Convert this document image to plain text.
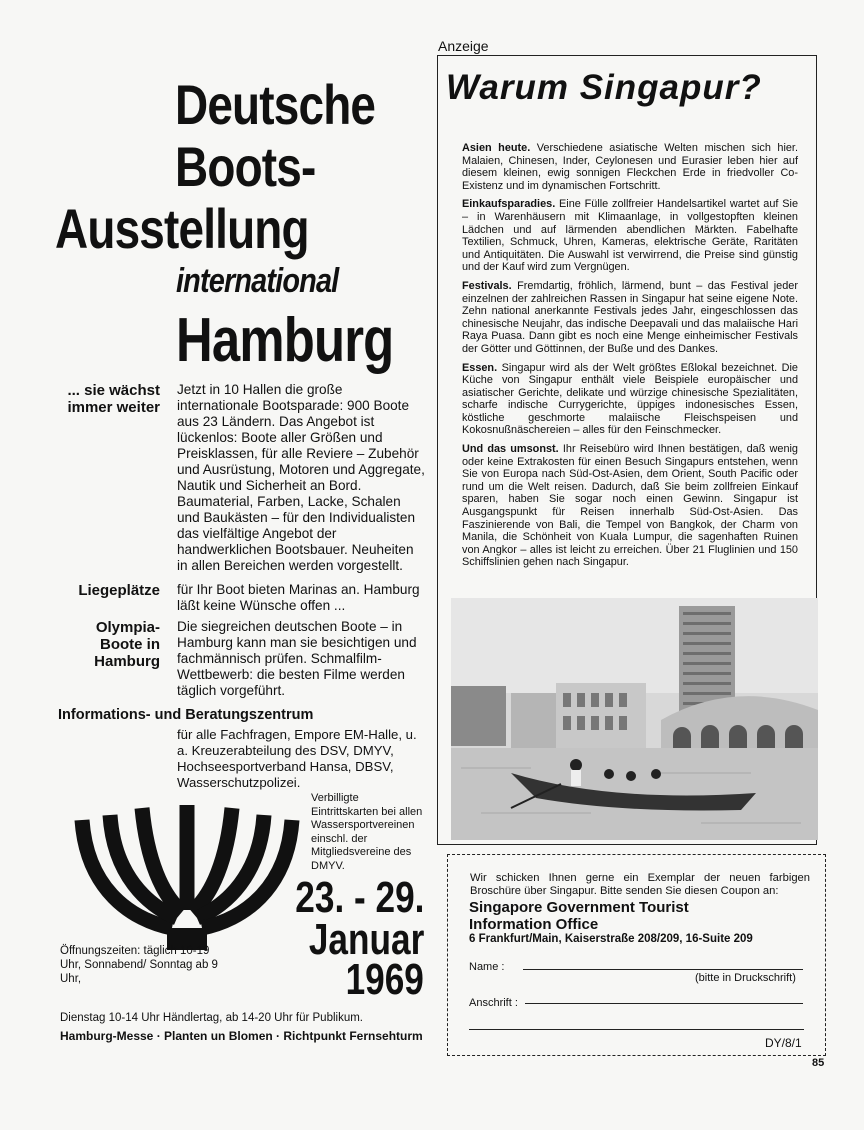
Deutsche
Boots-
Ausstellung
international
Hamburg
... sie wächst immer weiter

Jetzt in 10 Hallen die große internationale Bootsparade: 900 Boote aus 23 Ländern. Das Angebot ist lückenlos: Boote aller Größen und Preisklassen, für alle Reviere – Zubehör und Ausrüstung, Motoren und Aggregate, Nautik und Sicherheit an Bord. Baumaterial, Farben, Lacke, Schalen und Baukästen – für den Individualisten das vielfältige Angebot der handwerklichen Bootsbauer. Neuheiten in allen Bereichen werden vorgestellt.

Liegeplätze für Ihr Boot bieten Marinas an. Hamburg läßt keine Wünsche offen ...

Olympia-Boote in Hamburg

Die siegreichen deutschen Boote – in Hamburg kann man sie besichtigen und fachmännisch prüfen. Schmalfilm-Wettbewerb: die besten Filme werden täglich vorgeführt.

Informations- und Beratungszentrum
für alle Fachfragen, Empore EM-Halle, u. a. Kreuzerabteilung des DSV, DMYV, Hochseesportverband Hansa, DBSV, Wasserschutzpolizei.
Verbilligte Eintrittskarten bei allen Wassersportvereinen einschl. der Mitgliedsvereine des DMYV.
23. - 29.
Januar
1969
Öffnungszeiten: täglich 10-19 Uhr, Sonnabend/ Sonntag ab 9 Uhr,
Dienstag 10-14 Uhr Händlertag, ab 14-20 Uhr für Publikum.
Hamburg-Messe · Planten un Blomen · Richtpunkt Fernsehturm
Anzeige
Warum Singapur?

Asien heute. Verschiedene asiatische Welten mischen sich hier. Malaien, Chinesen, Inder, Ceylonesen und Eurasier leben hier auf diesem kleinen, ewig sonnigen Fleckchen Erde in friedvoller Co-Existenz und im dynamischen Fortschritt.

Einkaufsparadies. Eine Fülle zollfreier Handelsartikel wartet auf Sie – in Warenhäusern mit Klimaanlage, in vollgestopften kleinen Lädchen und auf lärmenden abendlichen Märkten. Fabelhafte Textilien, Schmuck, Uhren, Kameras, elektrische Geräte, Raritäten und Antiquitäten. Die Auswahl ist verwirrend, die Preise sind günstig und der Kauf wird zum Vergnügen.

Festivals. Fremdartig, fröhlich, lärmend, bunt – das Festival jeder einzelnen der zahlreichen Rassen in Singapur hat seine eigene Note. Zehn national anerkannte Festivals jedes Jahr, eingeschlossen das chinesische Neujahr, das indische Deepavali und das malaiische Hari Raya Puasa. Dann gibt es noch eine Menge einheimischer Festivals der Götter und Göttinnen, der Buße und des Dankes.

Essen. Singapur wird als der Welt größtes Eßlokal bezeichnet. Die Küche von Singapur enthält viele Beispiele europäischer und asiatischer Gerichte, delikate und würzige chinesische Spezialitäten, scharfe indische Currygerichte, üppiges indonesisches Essen, köstliche geschmorte malaiische Fleischspeisen und Kokosnußnäschereien – alles für den Feinschmecker.

Und das umsonst. Ihr Reisebüro wird Ihnen bestätigen, daß wenig oder keine Extrakosten für einen Besuch Singapurs entstehen, wenn Sie von Europa nach Süd-Ost-Asien, dem Orient, South Pacific oder rund um die Welt reisen. Dadurch, daß Sie beim zollfreien Einkauf sparen, haben Sie sogar noch einen Gewinn. Singapur ist Ausgangspunkt für Reisen innerhalb Süd-Ost-Asien. Das Faszinierende von Bali, die Tempel von Bangkok, der Charm von Manila, die Schönheit von Kuala Lumpur, die sagenhaften Ruinen von Angkor – alles ist leicht zu erreichen. Über 21 Fluglinien und 150 Schiffslinien gehen nach Singapur.

Wir schicken Ihnen gerne ein Exemplar der neuen farbigen Broschüre über Singapur. Bitte senden Sie diesen Coupon an:
Singapore Government Tourist
Information Office
6 Frankfurt/Main, Kaiserstraße 208/209, 16-Suite 209
Name :
(bitte in Druckschrift)
Anschrift :
DY/8/1
85
